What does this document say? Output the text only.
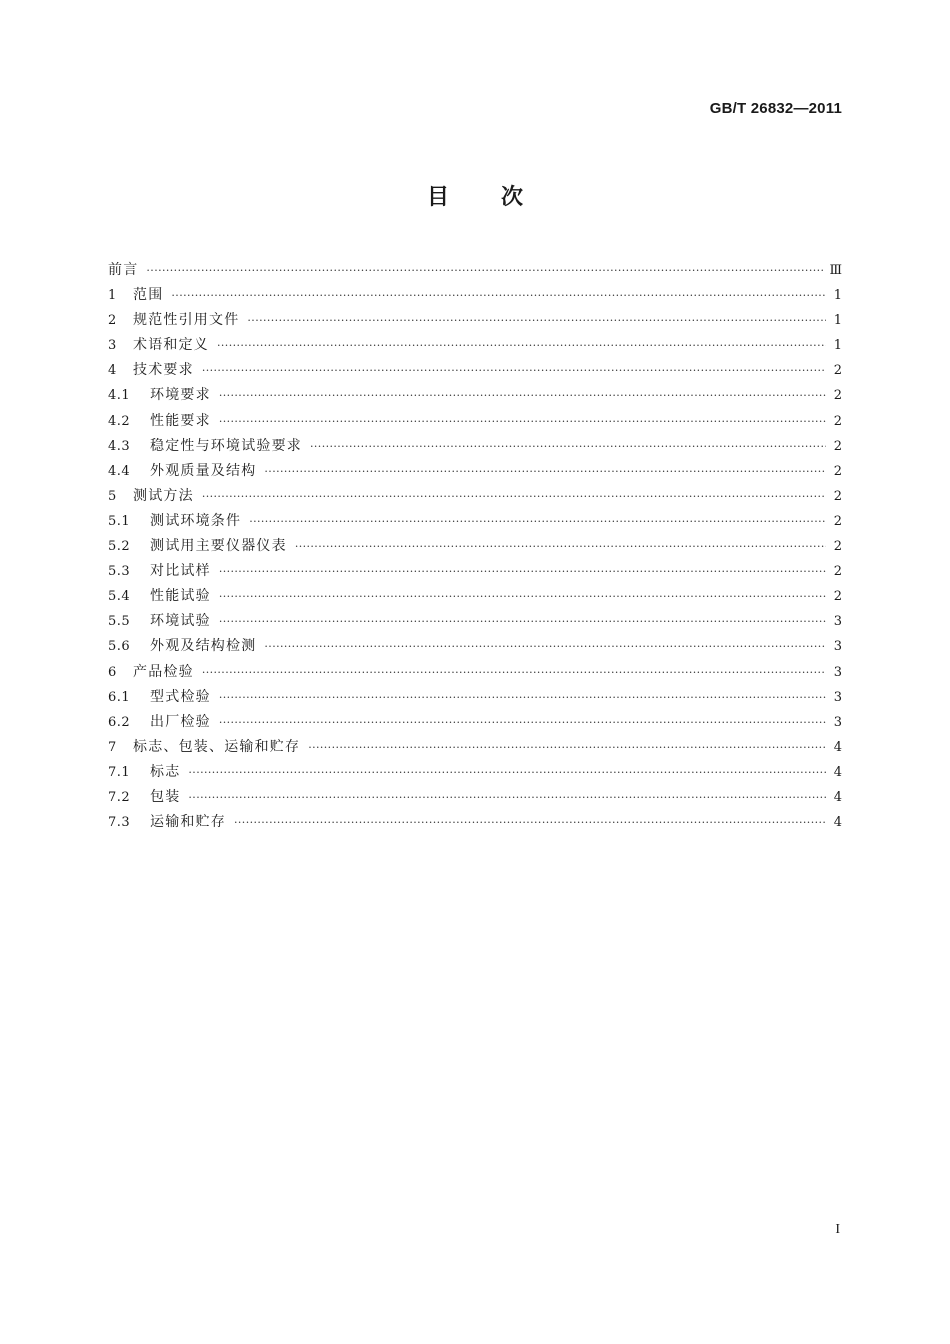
GB/T 26832—2011
目 次
前言 ·····	Ⅲ
1	范围 ·····	1
2	规范性引用文件 ·····	1
3	术语和定义 ·····	1
4	技术要求 ·····	2
4.1	环境要求 ·····	2
4.2	性能要求 ·····	2
4.3	稳定性与环境试验要求 ·····	2
4.4	外观质量及结构 ·····	2
5	测试方法 ·····	2
5.1	测试环境条件 ·····	2
5.2	测试用主要仪器仪表 ·····	2
5.3	对比试样 ·····	2
5.4	性能试验 ·····	2
5.5	环境试验 ·····	3
5.6	外观及结构检测 ·····	3
6	产品检验 ·····	3
6.1	型式检验 ·····	3
6.2	出厂检验 ·····	3
7	标志、包装、运输和贮存 ·····	4
7.1	标志 ·····	4
7.2	包装 ·····	4
7.3	运输和贮存 ·····	4
I
